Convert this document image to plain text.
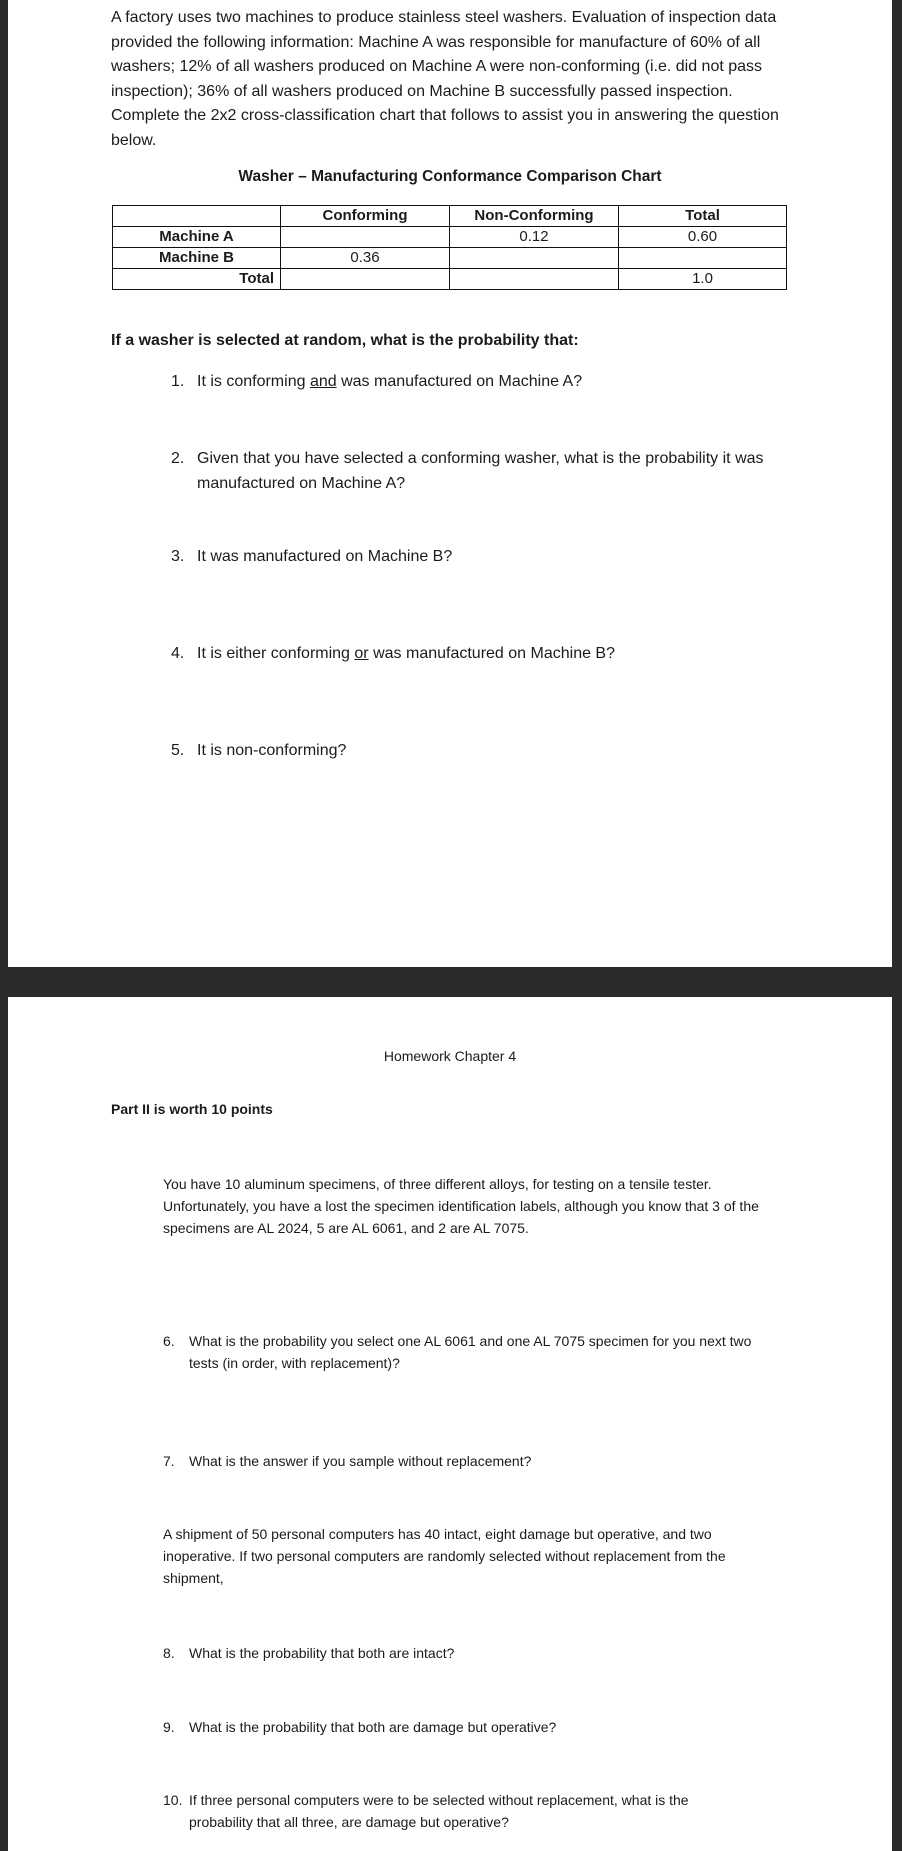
A factory uses two machines to produce stainless steel washers. Evaluation of inspection data provided the following information: Machine A was responsible for manufacture of 60% of all washers; 12% of all washers produced on Machine A were non-conforming (i.e. did not pass inspection); 36% of all washers produced on Machine B successfully passed inspection. Complete the 2x2 cross-classification chart that follows to assist you in answering the question below.
Washer – Manufacturing Conformance Comparison Chart
	Conforming	Non-Conforming	Total
Machine A		0.12	0.60
Machine B	0.36		
Total			1.0
If a washer is selected at random, what is the probability that:
1. It is conforming and was manufactured on Machine A?
2. Given that you have selected a conforming washer, what is the probability it was
manufactured on Machine A?
3. It was manufactured on Machine B?
4. It is either conforming or was manufactured on Machine B?
5. It is non-conforming?
Homework Chapter 4
Part II is worth 10 points
You have 10 aluminum specimens, of three different alloys, for testing on a tensile tester. Unfortunately, you have a lost the specimen identification labels, although you know that 3 of the specimens are AL 2024, 5 are AL 6061, and 2 are AL 7075.
6. What is the probability you select one AL 6061 and one AL 7075 specimen for you next two
tests (in order, with replacement)?
7. What is the answer if you sample without replacement?
A shipment of 50 personal computers has 40 intact, eight damage but operative, and two inoperative. If two personal computers are randomly selected without replacement from the shipment,
8. What is the probability that both are intact?
9. What is the probability that both are damage but operative?
10. If three personal computers were to be selected without replacement, what is the
probability that all three, are damage but operative?
